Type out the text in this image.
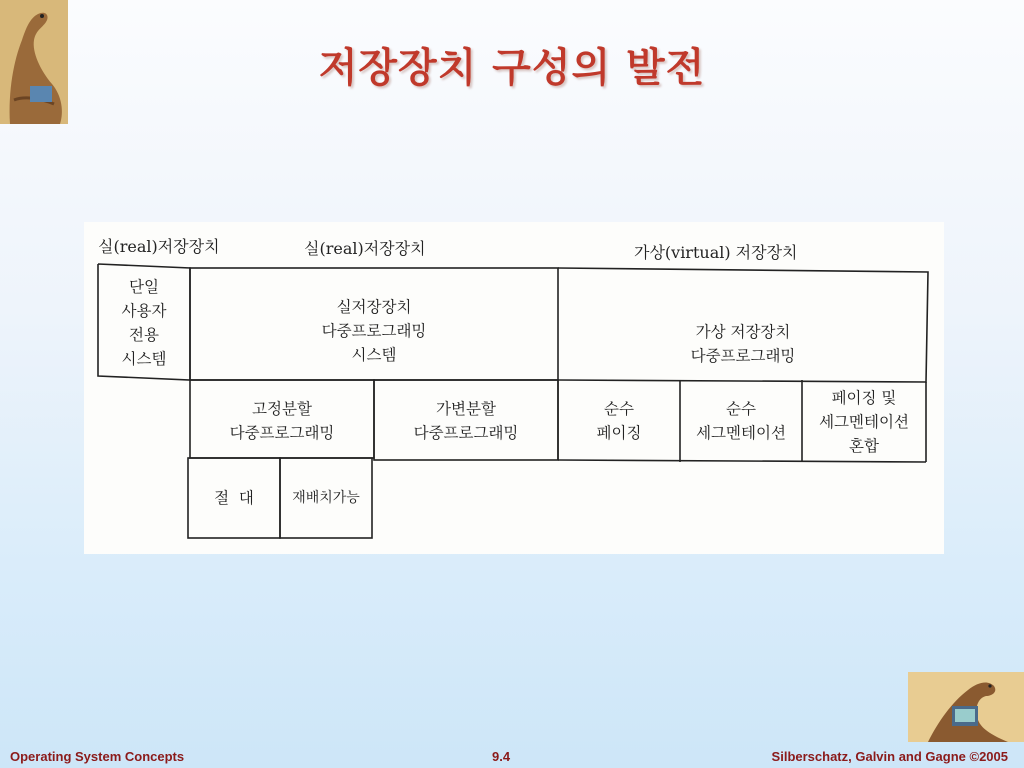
저장장치 구성의 발전
실(real)저장장치	실(real)저장장치	가상(virtual) 저장장치
단일
사용자
전용
시스템
실저장장치
다중프로그래밍
시스템
가상 저장장치
다중프로그래밍
고정분할
다중프로그래밍
가변분할
다중프로그래밍
순수
페이징
순수
세그멘테이션
페이징 및
세그멘테이션
혼합
절  대	재배치가능
Operating System Concepts	9.4	Silberschatz, Galvin and Gagne ©2005
